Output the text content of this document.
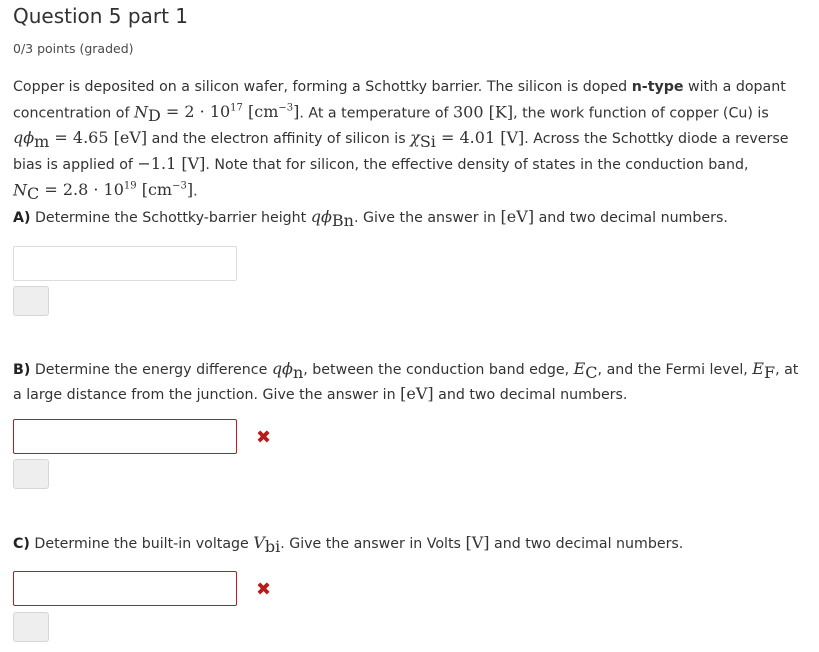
Question 5 part 1
0/3 points (graded)
Copper is deposited on a silicon wafer, forming a Schottky barrier. The silicon is doped n-type with a dopant concentration of $N_D = 2 \cdot 10^{17}$ $[cm^{-3}]$. At a temperature of 300 [K], the work function of copper (Cu) is $q\phi_m = 4.65$ [eV] and the electron affinity of silicon is $\chi_{Si} = 4.01$ [V]. Across the Schottky diode a reverse bias is applied of −1.1 [V]. Note that for silicon, the effective density of states in the conduction band,
$N_C = 2.8 \cdot 10^{19}$ $[cm^{-3}]$.
A) Determine the Schottky-barrier height $q\phi_{Bn}$. Give the answer in [eV] and two decimal numbers.
B) Determine the energy difference $q\phi_n$, between the conduction band edge, $E_C$, and the Fermi level, $E_F$, at a large distance from the junction. Give the answer in [eV] and two decimal numbers.
✖
C) Determine the built-in voltage $V_{bi}$. Give the answer in Volts [V] and two decimal numbers.
✖
